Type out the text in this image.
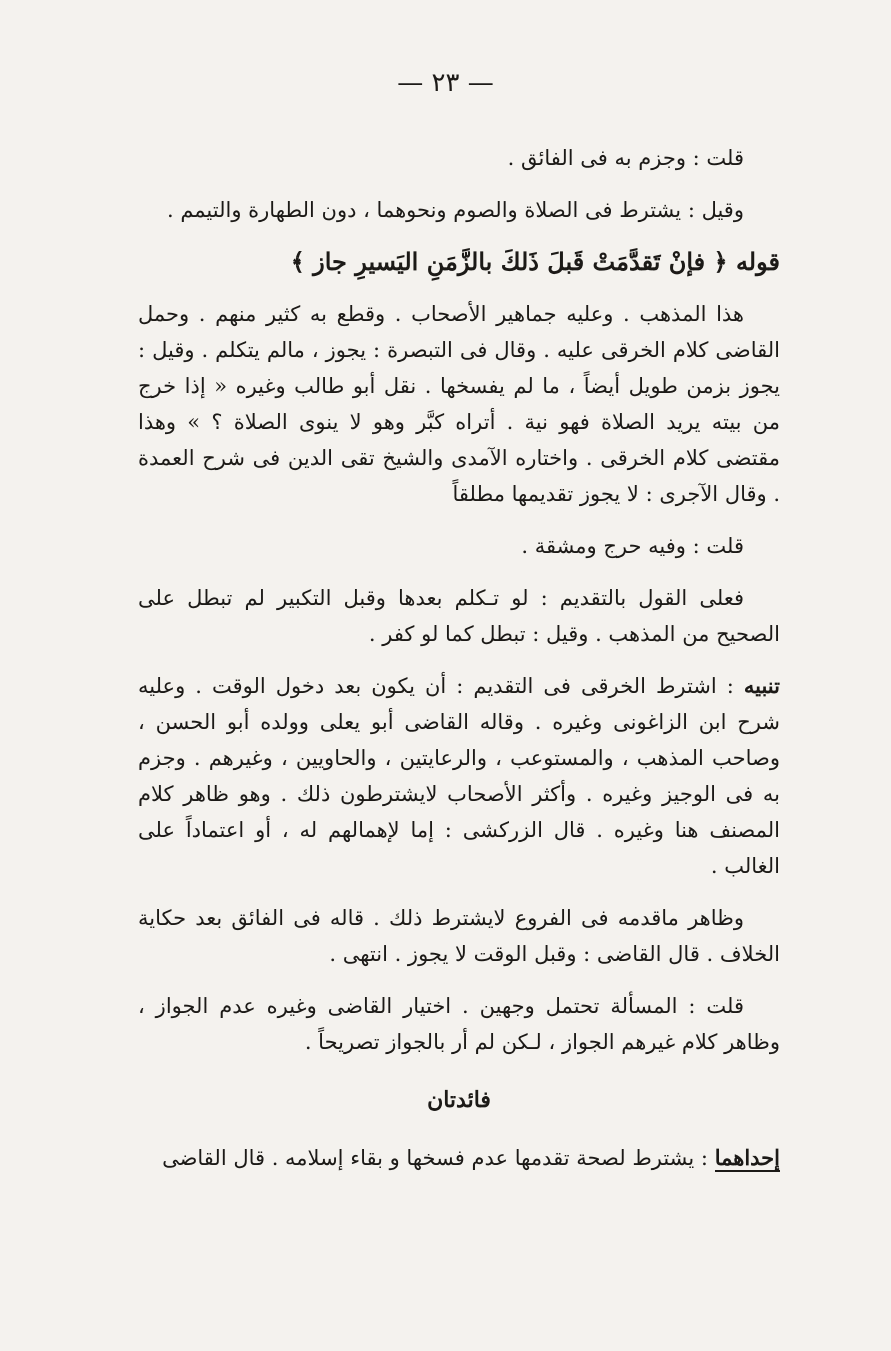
— ٢٣ —

قلت : وجزم به فى الفائق .

وقيل : يشترط فى الصلاة والصوم ونحوهما ، دون الطهارة والتيمم .

قوله ﴿ فإنْ تَقدَّمَتْ قَبلَ ذَلكَ بالزَّمَنِ اليَسيرِ جاز ﴾

هذا المذهب . وعليه جماهير الأصحاب . وقطع به كثير منهم . وحمل القاضى كلام الخرقى عليه . وقال فى التبصرة : يجوز ، مالم يتكلم . وقيل : يجوز بزمن طويل أيضاً ، ما لم يفسخها . نقل أبو طالب وغيره « إذا خرج من بيته يريد الصلاة فهو نية . أتراه كبَّر وهو لا ينوى الصلاة ؟ » وهذا مقتضى كلام الخرقى . واختاره الآمدى والشيخ تقى الدين فى شرح العمدة . وقال الآجرى : لا يجوز تقديمها مطلقاً

قلت : وفيه حرج ومشقة .

فعلى القول بالتقديم : لو تـكلم بعدها وقبل التكبير لم تبطل على الصحيح من المذهب . وقيل : تبطل كما لو كفر .

تنبيه : اشترط الخرقى فى التقديم : أن يكون بعد دخول الوقت . وعليه شرح ابن الزاغونى وغيره . وقاله القاضى أبو يعلى وولده أبو الحسن ، وصاحب المذهب ، والمستوعب ، والرعايتين ، والحاويين ، وغيرهم . وجزم به فى الوجيز وغيره . وأكثر الأصحاب لايشترطون ذلك . وهو ظاهر كلام المصنف هنا وغيره . قال الزركشى : إما لإهمالهم له ، أو اعتماداً على الغالب .

وظاهر ماقدمه فى الفروع لايشترط ذلك . قاله فى الفائق بعد حكاية الخلاف . قال القاضى : وقبل الوقت لا يجوز . انتهى .

قلت : المسألة تحتمل وجهين . اختيار القاضى وغيره عدم الجواز ، وظاهر كلام غيرهم الجواز ، لـكن لم أر بالجواز تصريحاً .

فائدتان

إحداهما : يشترط لصحة تقدمها عدم فسخها و بقاء إسلامه . قال القاضى
